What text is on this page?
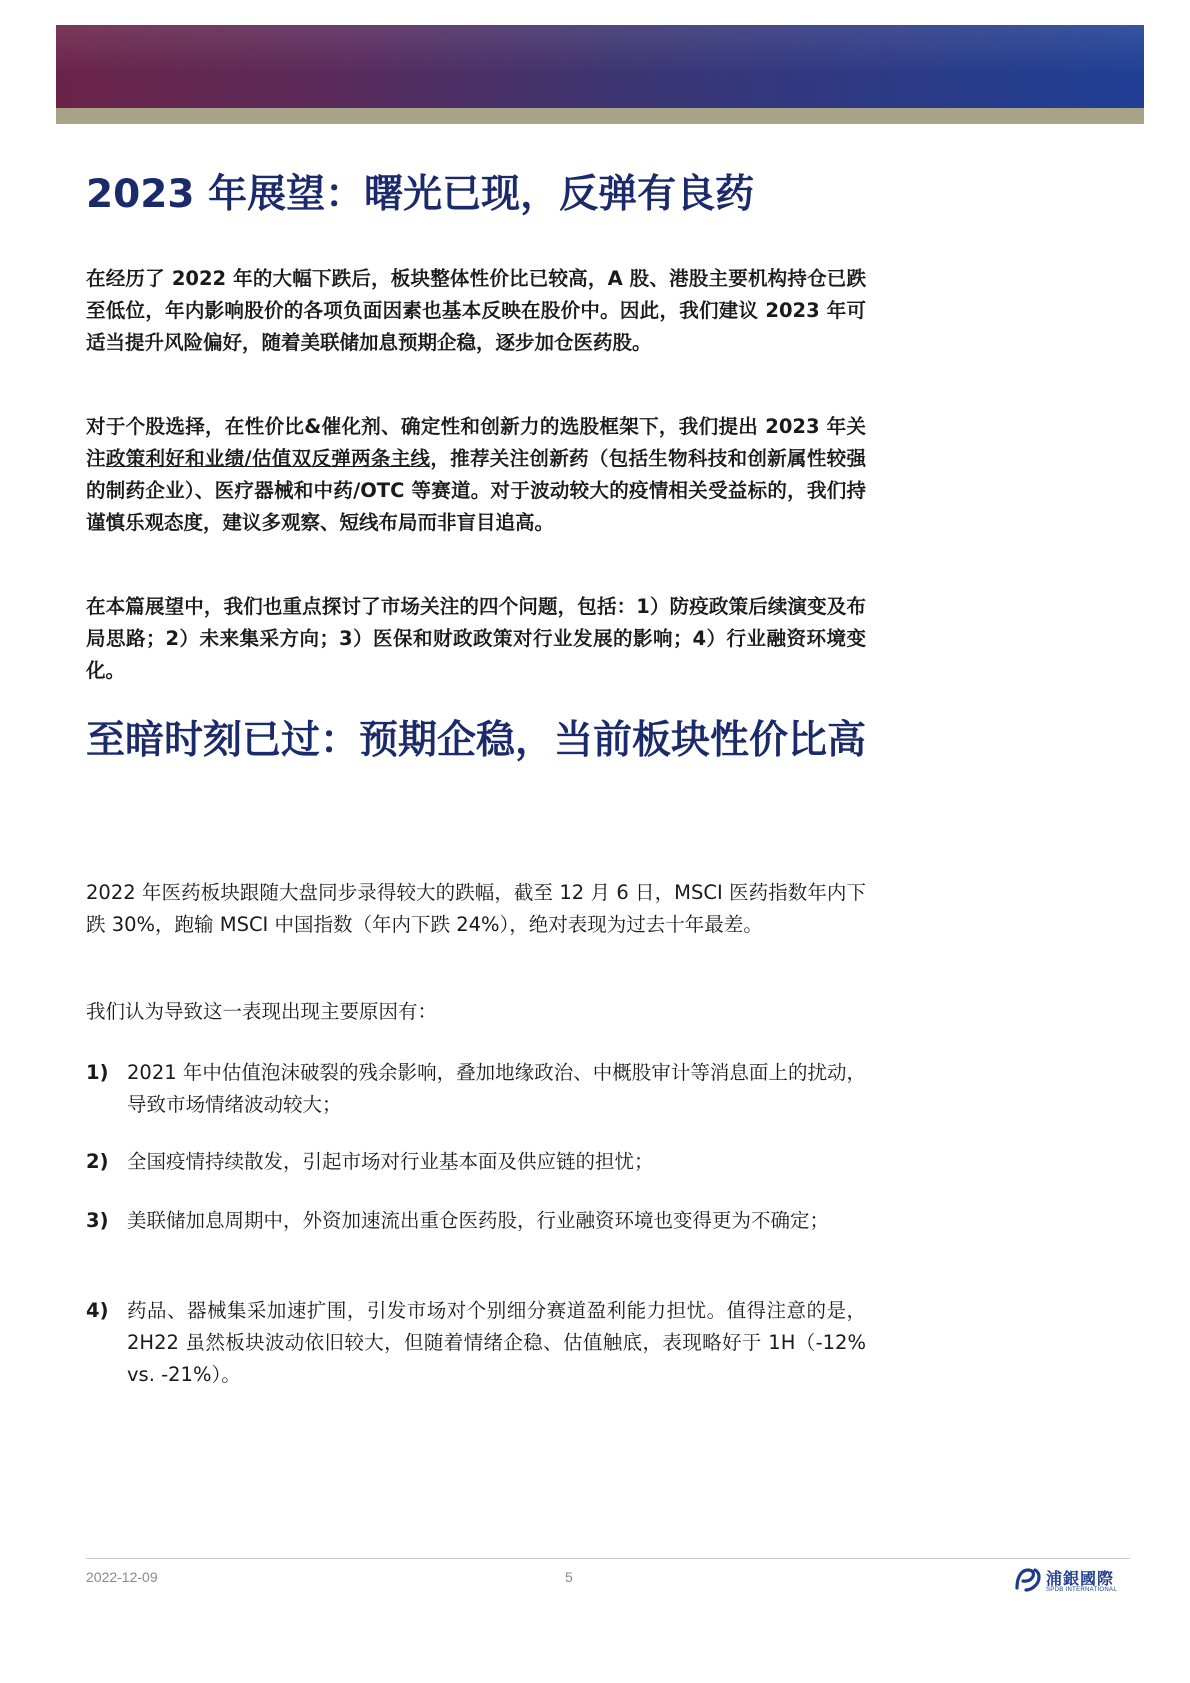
2023 年展望：曙光已现，反弹有良药

在经历了 2022 年的大幅下跌后，板块整体性价比已较高，A 股、港股主要机构持仓已跌至低位，年内影响股价的各项负面因素也基本反映在股价中。因此，我们建议 2023 年可适当提升风险偏好，随着美联储加息预期企稳，逐步加仓医药股。

对于个股选择，在性价比&催化剂、确定性和创新力的选股框架下，我们提出 2023 年关注政策利好和业绩/估值双反弹两条主线，推荐关注创新药（包括生物科技和创新属性较强的制药企业）、医疗器械和中药/OTC 等赛道。对于波动较大的疫情相关受益标的，我们持谨慎乐观态度，建议多观察、短线布局而非盲目追高。

在本篇展望中，我们也重点探讨了市场关注的四个问题，包括：1）防疫政策后续演变及布局思路；2）未来集采方向；3）医保和财政政策对行业发展的影响；4）行业融资环境变化。

至暗时刻已过：预期企稳，当前板块性价比高

2022 年医药板块跟随大盘同步录得较大的跌幅，截至 12 月 6 日，MSCI 医药指数年内下跌 30%，跑输 MSCI 中国指数（年内下跌 24%），绝对表现为过去十年最差。

我们认为导致这一表现出现主要原因有：

1) 2021 年中估值泡沫破裂的残余影响，叠加地缘政治、中概股审计等消息面上的扰动，导致市场情绪波动较大；
2) 全国疫情持续散发，引起市场对行业基本面及供应链的担忧；
3) 美联储加息周期中，外资加速流出重仓医药股，行业融资环境也变得更为不确定；
4) 药品、器械集采加速扩围，引发市场对个别细分赛道盈利能力担忧。值得注意的是，2H22 虽然板块波动依旧较大，但随着情绪企稳、估值触底，表现略好于 1H（-12% vs. -21%）。
2022-12-09	5	浦銀國際
SPDB INTERNATIONAL
